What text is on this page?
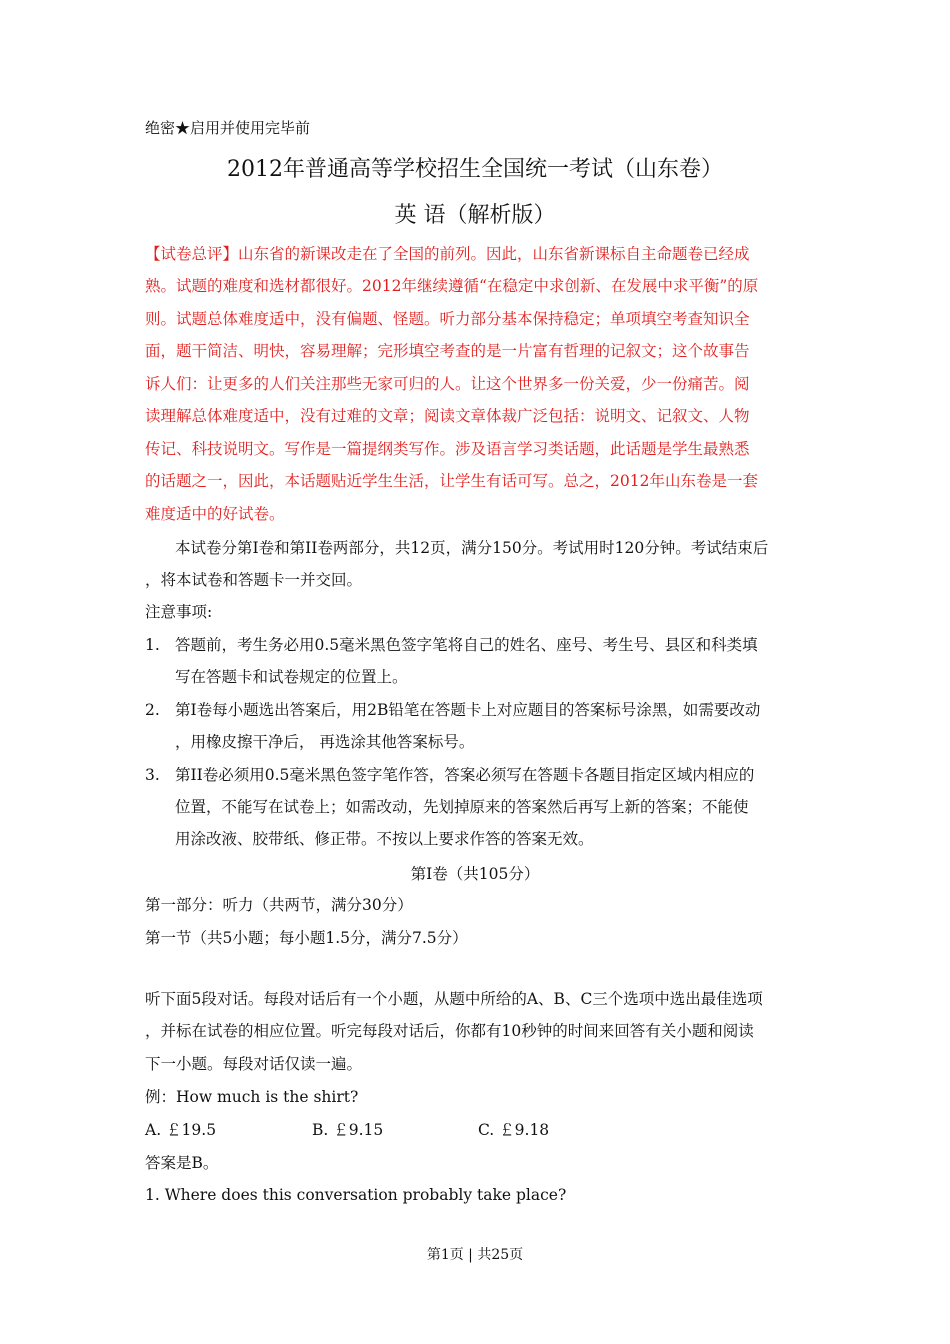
绝密★启用并使用完毕前
2012年普通高等学校招生全国统一考试（山东卷）
英 语（解析版）
【试卷总评】山东省的新课改走在了全国的前列。因此，山东省新课标自主命题卷已经成
熟。试题的难度和选材都很好。2012年继续遵循“在稳定中求创新、在发展中求平衡”的原
则。试题总体难度适中，没有偏题、怪题。听力部分基本保持稳定；单项填空考查知识全
面，题干简洁、明快，容易理解；完形填空考查的是一片富有哲理的记叙文；这个故事告
诉人们：让更多的人们关注那些无家可归的人。让这个世界多一份关爱，少一份痛苦。阅
读理解总体难度适中，没有过难的文章；阅读文章体裁广泛包括：说明文、记叙文、人物
传记、科技说明文。写作是一篇提纲类写作。涉及语言学习类话题，此话题是学生最熟悉
的话题之一，因此，本话题贴近学生生活，让学生有话可写。总之，2012年山东卷是一套
难度适中的好试卷。
本试卷分第I卷和第II卷两部分，共12页，满分150分。考试用时120分钟。考试结束后
，将本试卷和答题卡一并交回。
注意事项:
1. 答题前，考生务必用0.5毫米黑色签字笔将自己的姓名、座号、考生号、县区和科类填
写在答题卡和试卷规定的位置上。
2. 第I卷每小题选出答案后，用2B铅笔在答题卡上对应题目的答案标号涂黑，如需要改动
，用橡皮擦干净后， 再选涂其他答案标号。
3. 第II卷必须用0.5毫米黑色签字笔作答，答案必须写在答题卡各题目指定区域内相应的
位置，不能写在试卷上；如需改动，先划掉原来的答案然后再写上新的答案；不能使
用涂改液、胶带纸、修正带。不按以上要求作答的答案无效。
第I卷（共105分）
第一部分：听力（共两节，满分30分）
第一节（共5小题；每小题1.5分，满分7.5分）
听下面5段对话。每段对话后有一个小题，从题中所给的A、B、C三个选项中选出最佳选项
，并标在试卷的相应位置。听完每段对话后，你都有10秒钟的时间来回答有关小题和阅读
下一小题。每段对话仅读一遍。
例：How much is the shirt?
A. ￡19.5	B. ￡9.15	C. ￡9.18
答案是B。
1. Where does this conversation probably take place?
第1页 | 共25页
